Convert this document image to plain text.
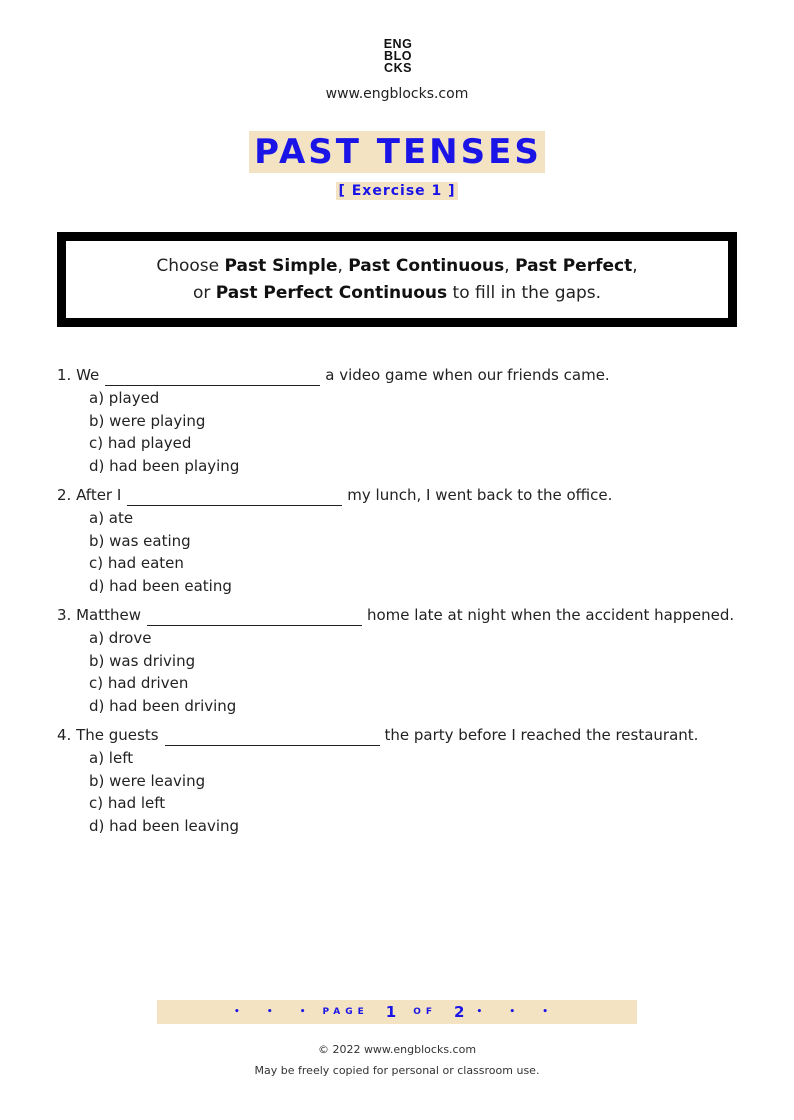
ENG
BLO
CKS
www.engblocks.com
PAST TENSES
[ Exercise 1 ]
Choose Past Simple, Past Continuous, Past Perfect,
or Past Perfect Continuous to fill in the gaps.
1. We	a video game when our friends came.
a) played
b) were playing
c) had played
d) had been playing
2. After I	my lunch, I went back to the office.
a) ate
b) was eating
c) had eaten
d) had been eating
3. Matthew	home late at night when the accident happened.
a) drove
b) was driving
c) had driven
d) had been driving
4. The guests	the party before I reached the restaurant.
a) left
b) were leaving
c) had left
d) had been leaving
• • • PAGE 1 OF 2 • • •
© 2022 www.engblocks.com
May be freely copied for personal or classroom use.
